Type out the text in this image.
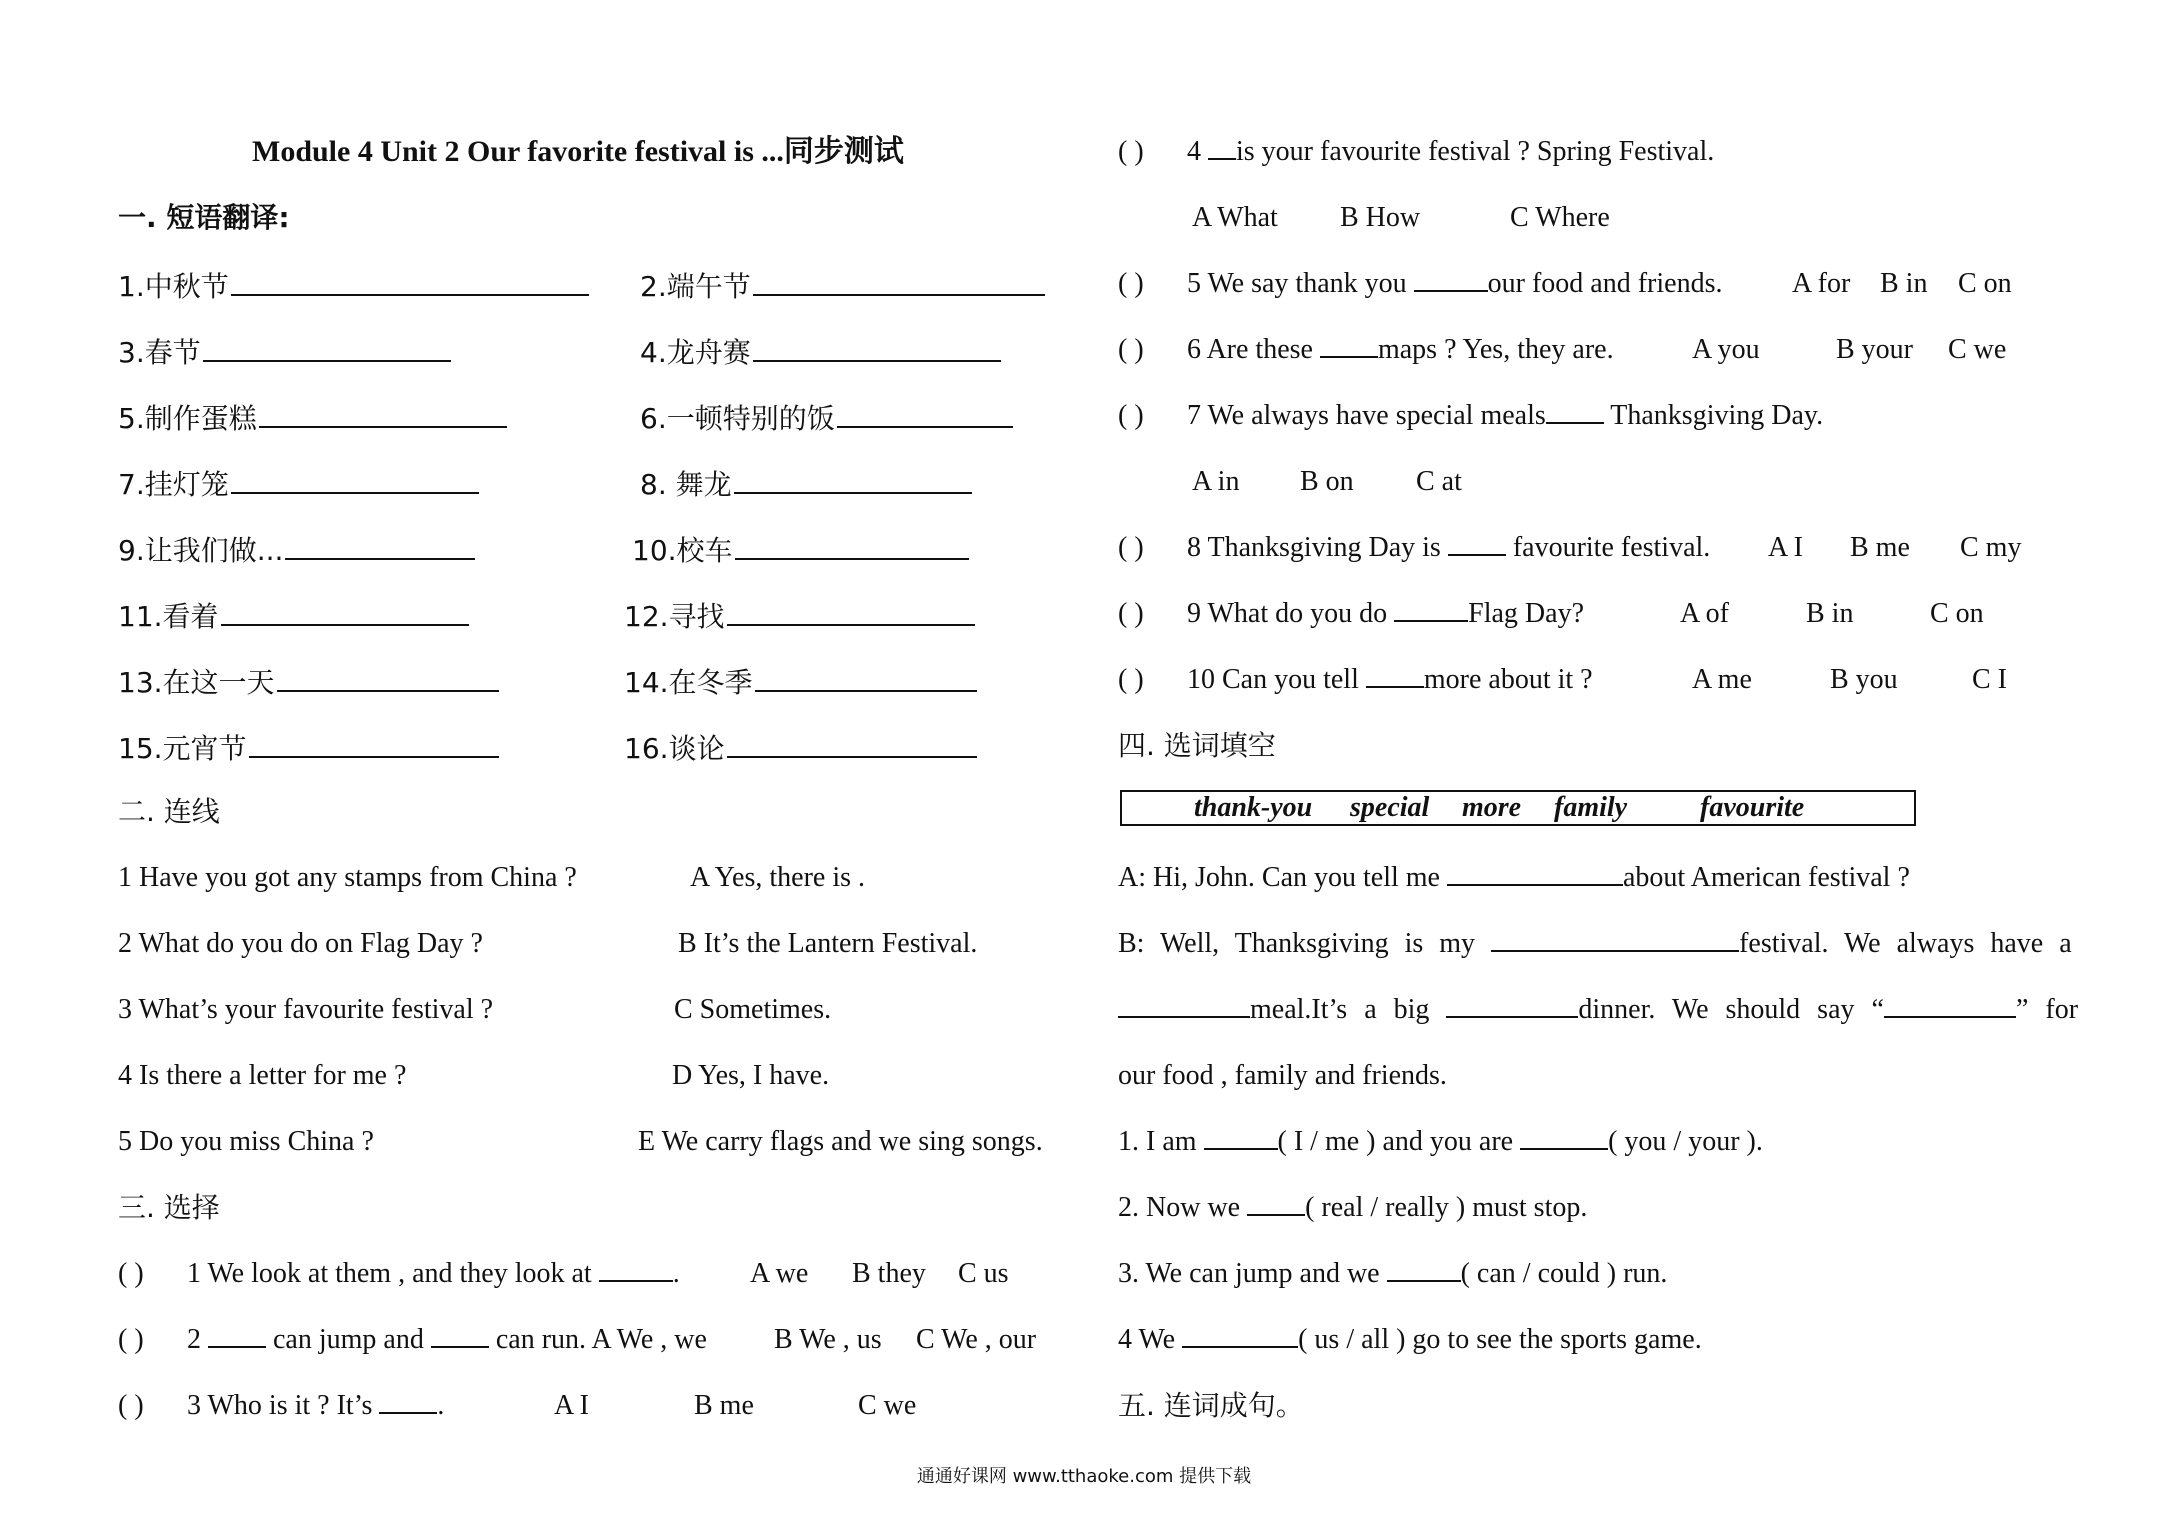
Module 4 Unit 2 Our favorite festival is ...同步测试
一. 短语翻译:
1.中秋节	2.端午节
3.春节	4.龙舟赛
5.制作蛋糕	6.一顿特别的饭
7.挂灯笼	8. 舞龙
9.让我们做...	10.校车
11.看着	12.寻找
13.在这一天	14.在冬季
15.元宵节	16.谈论
二. 连线
1 Have you got any stamps from China ?	A Yes, there is .
2 What do you do on Flag Day ?	B It’s the Lantern Festival.
3 What’s your favourite festival ?	C Sometimes.
4 Is there a letter for me ?	D Yes, I have.
5 Do you miss China ?	E We carry flags and we sing songs.
三. 选择
( ) 1 We look at them , and they look at	.	A we B they C us
( ) 2  can jump and  can run. A We , we B We , us C We , our
( ) 3 Who is it ? It’s .	A I	B me	C we
( ) 4 is your favourite festival ? Spring Festival.
A What B How	C Where
( ) 5 We say thank you	our food and friends. A for B in C on
( ) 6 Are these maps ? Yes, they are.	A you	B your C we
( ) 7 We always have special meals Thanksgiving Day.
A in B on C at
( ) 8 Thanksgiving Day is  favourite festival. A I B me C my
( ) 9 What do you do	Flag Day?	A of	B in	C on
( ) 10 Can you tell more about it ?	A me	B you	C I
四. 选词填空
thank-you special more family	favourite
A: Hi, John. Can you tell me	about American festival ?
B: Well, Thanksgiving is my	festival. We always have a
meal.It’s a big	dinner. We should say “	” for
our food , family and friends.
1. I am	( I / me ) and you are	( you / your ).
2. Now we ( real / really ) must stop.
3. We can jump and we	( can / could ) run.
4 We	( us / all ) go to see the sports game.
五. 连词成句。
通通好课网 www.tthaoke.com 提供下载
